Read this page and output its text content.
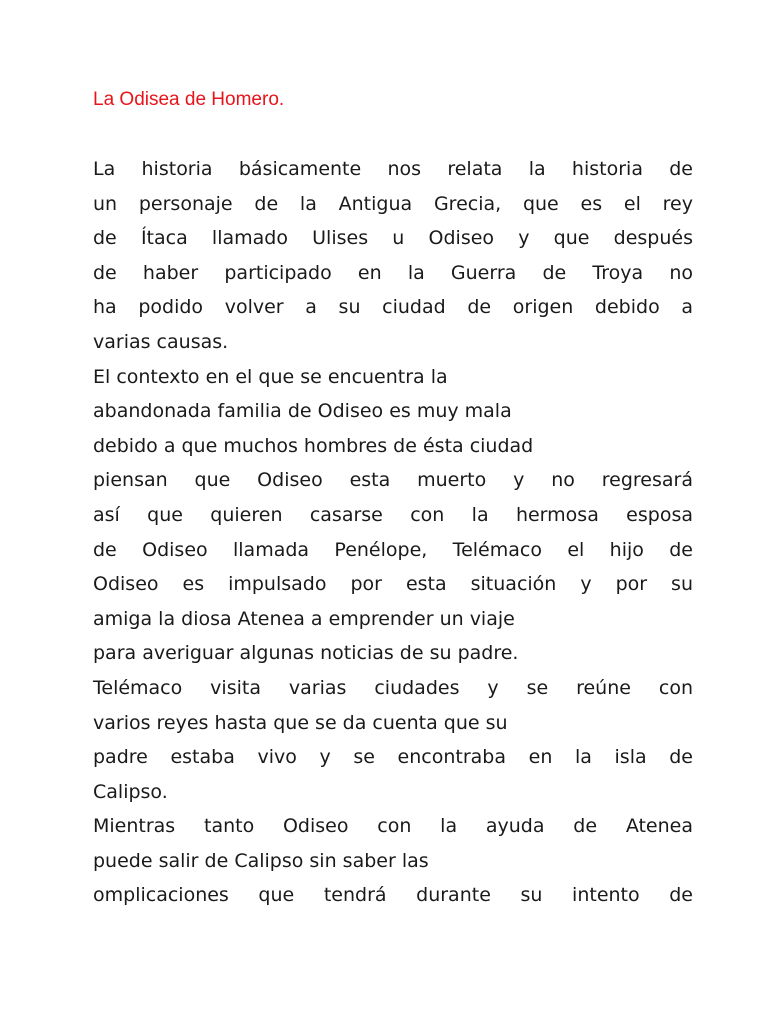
La Odisea de Homero.
La historia básicamente nos relata la historia de
un personaje de la Antigua Grecia, que es el rey
de Ítaca llamado Ulises u Odiseo y que después
de haber participado en la Guerra de Troya no
ha podido volver a su ciudad de origen debido a
varias causas.
El contexto en el que se encuentra la
abandonada familia de Odiseo es muy mala
debido a que muchos hombres de ésta ciudad
piensan que Odiseo esta muerto y no regresará
así que quieren casarse con la hermosa esposa
de Odiseo llamada Penélope, Telémaco el hijo de
Odiseo es impulsado por esta situación y por su
amiga la diosa Atenea a emprender un viaje
para averiguar algunas noticias de su padre.
Telémaco visita varias ciudades y se reúne con
varios reyes hasta que se da cuenta que su
padre estaba vivo y se encontraba en la isla de
Calipso.
Mientras tanto Odiseo con la ayuda de Atenea
puede salir de Calipso sin saber las
omplicaciones que tendrá durante su intento de
